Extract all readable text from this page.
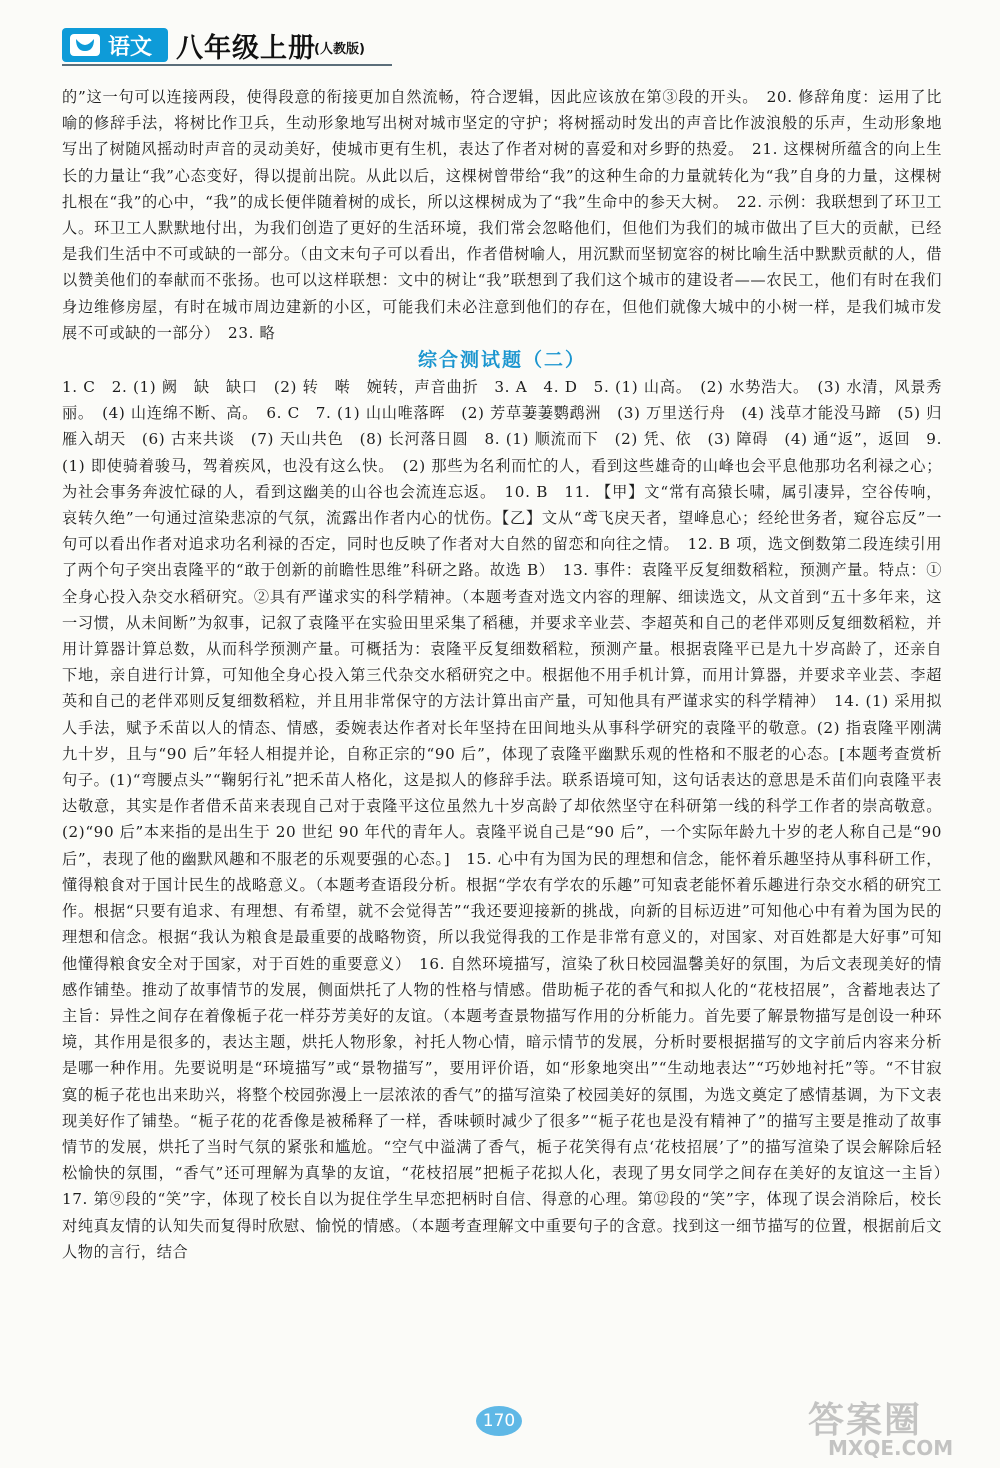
语文 八年级上册
(人教版)

的”这一句可以连接两段，使得段意的衔接更加自然流畅，符合逻辑，因此应该放在第③段的开头。　20. 修辞角度：运用了比喻的修辞手法，将树比作卫兵，生动形象地写出树对城市坚定的守护；将树摇动时发出的声音比作波浪般的乐声，生动形象地写出了树随风摇动时声音的灵动美好，使城市更有生机，表达了作者对树的喜爱和对乡野的热爱。　21. 这棵树所蕴含的向上生长的力量让“我”心态变好，得以提前出院。从此以后，这棵树曾带给“我”的这种生命的力量就转化为“我”自身的力量，这棵树扎根在“我”的心中，“我”的成长便伴随着树的成长，所以这棵树成为了“我”生命中的参天大树。　22. 示例：我联想到了环卫工人。环卫工人默默地付出，为我们创造了更好的生活环境，我们常会忽略他们，但他们为我们的城市做出了巨大的贡献，已经是我们生活中不可或缺的一部分。（由文末句子可以看出，作者借树喻人，用沉默而坚韧宽容的树比喻生活中默默贡献的人，借以赞美他们的奉献而不张扬。也可以这样联想：文中的树让“我”联想到了我们这个城市的建设者——农民工，他们有时在我们身边维修房屋，有时在城市周边建新的小区，可能我们未必注意到他们的存在，但他们就像大城中的小树一样，是我们城市发展不可或缺的一部分）　23. 略

综合测试题（二）

1. C　2. (1) 阙　缺　缺口　(2) 转　啭　婉转，声音曲折　3. A　4. D　5. (1) 山高。　(2) 水势浩大。　(3) 水清，风景秀丽。　(4) 山连绵不断、高。　6. C　7. (1) 山山唯落晖　(2) 芳草萋萋鹦鹉洲　(3) 万里送行舟　(4) 浅草才能没马蹄　(5) 归雁入胡天　(6) 古来共谈　(7) 天山共色　(8) 长河落日圆　8. (1) 顺流而下　(2) 凭、依　(3) 障碍　(4) 通“返”，返回　9. (1) 即使骑着骏马，驾着疾风，也没有这么快。　(2) 那些为名利而忙的人，看到这些雄奇的山峰也会平息他那功名利禄之心；为社会事务奔波忙碌的人，看到这幽美的山谷也会流连忘返。　10. B　11. 【甲】文“常有高猿长啸，属引凄异，空谷传响，哀转久绝”一句通过渲染悲凉的气氛，流露出作者内心的忧伤。【乙】文从“鸢飞戾天者，望峰息心；经纶世务者，窥谷忘反”一句可以看出作者对追求功名利禄的否定，同时也反映了作者对大自然的留恋和向往之情。　12. B 项，选文倒数第二段连续引用了两个句子突出袁隆平的“敢于创新的前瞻性思维”科研之路。故选 B）　13. 事件：袁隆平反复细数稻粒，预测产量。特点：①全身心投入杂交水稻研究。②具有严谨求实的科学精神。（本题考查对选文内容的理解、细读选文，从文首到“五十多年来，这一习惯，从未间断”为叙事，记叙了袁隆平在实验田里采集了稻穗，并要求辛业芸、李超英和自己的老伴邓则反复细数稻粒，并用计算器计算总数，从而科学预测产量。可概括为：袁隆平反复细数稻粒，预测产量。根据袁隆平已是九十岁高龄了，还亲自下地，亲自进行计算，可知他全身心投入第三代杂交水稻研究之中。根据他不用手机计算，而用计算器，并要求辛业芸、李超英和自己的老伴邓则反复细数稻粒，并且用非常保守的方法计算出亩产量，可知他具有严谨求实的科学精神）　14. (1) 采用拟人手法，赋予禾苗以人的情态、情感，委婉表达作者对长年坚持在田间地头从事科学研究的袁隆平的敬意。(2) 指袁隆平刚满九十岁，且与“90 后”年轻人相提并论，自称正宗的“90 后”，体现了袁隆平幽默乐观的性格和不服老的心态。[本题考查赏析句子。(1)“弯腰点头”“鞠躬行礼”把禾苗人格化，这是拟人的修辞手法。联系语境可知，这句话表达的意思是禾苗们向袁隆平表达敬意，其实是作者借禾苗来表现自己对于袁隆平这位虽然九十岁高龄了却依然坚守在科研第一线的科学工作者的崇高敬意。(2)“90 后”本来指的是出生于 20 世纪 90 年代的青年人。袁隆平说自己是“90 后”，一个实际年龄九十岁的老人称自己是“90 后”，表现了他的幽默风趣和不服老的乐观要强的心态。]　15. 心中有为国为民的理想和信念，能怀着乐趣坚持从事科研工作，懂得粮食对于国计民生的战略意义。（本题考查语段分析。根据“学农有学农的乐趣”可知袁老能怀着乐趣进行杂交水稻的研究工作。根据“只要有追求、有理想、有希望，就不会觉得苦”“我还要迎接新的挑战，向新的目标迈进”可知他心中有着为国为民的理想和信念。根据“我认为粮食是最重要的战略物资，所以我觉得我的工作是非常有意义的，对国家、对百姓都是大好事”可知他懂得粮食安全对于国家，对于百姓的重要意义）　16. 自然环境描写，渲染了秋日校园温馨美好的氛围，为后文表现美好的情感作铺垫。推动了故事情节的发展，侧面烘托了人物的性格与情感。借助栀子花的香气和拟人化的“花枝招展”，含蓄地表达了主旨：异性之间存在着像栀子花一样芬芳美好的友谊。（本题考查景物描写作用的分析能力。首先要了解景物描写是创设一种环境，其作用是很多的，表达主题，烘托人物形象，衬托人物心情，暗示情节的发展，分析时要根据描写的文字前后内容来分析是哪一种作用。先要说明是“环境描写”或“景物描写”，要用评价语，如“形象地突出”“生动地表达”“巧妙地衬托”等。“不甘寂寞的栀子花也出来助兴，将整个校园弥漫上一层浓浓的香气”的描写渲染了校园美好的氛围，为选文奠定了感情基调，为下文表现美好作了铺垫。“栀子花的花香像是被稀释了一样，香味顿时减少了很多”“栀子花也是没有精神了”的描写主要是推动了故事情节的发展，烘托了当时气氛的紧张和尴尬。“空气中溢满了香气，栀子花笑得有点‘花枝招展’了”的描写渲染了误会解除后轻松愉快的氛围，“香气”还可理解为真挚的友谊，“花枝招展”把栀子花拟人化，表现了男女同学之间存在美好的友谊这一主旨）　17. 第⑨段的“笑”字，体现了校长自以为捉住学生早恋把柄时自信、得意的心理。第⑫段的“笑”字，体现了误会消除后，校长对纯真友情的认知失而复得时欣慰、愉悦的情感。（本题考查理解文中重要句子的含意。找到这一细节描写的位置，根据前后文人物的言行，结合

170	答案圈
MXQE.COM
